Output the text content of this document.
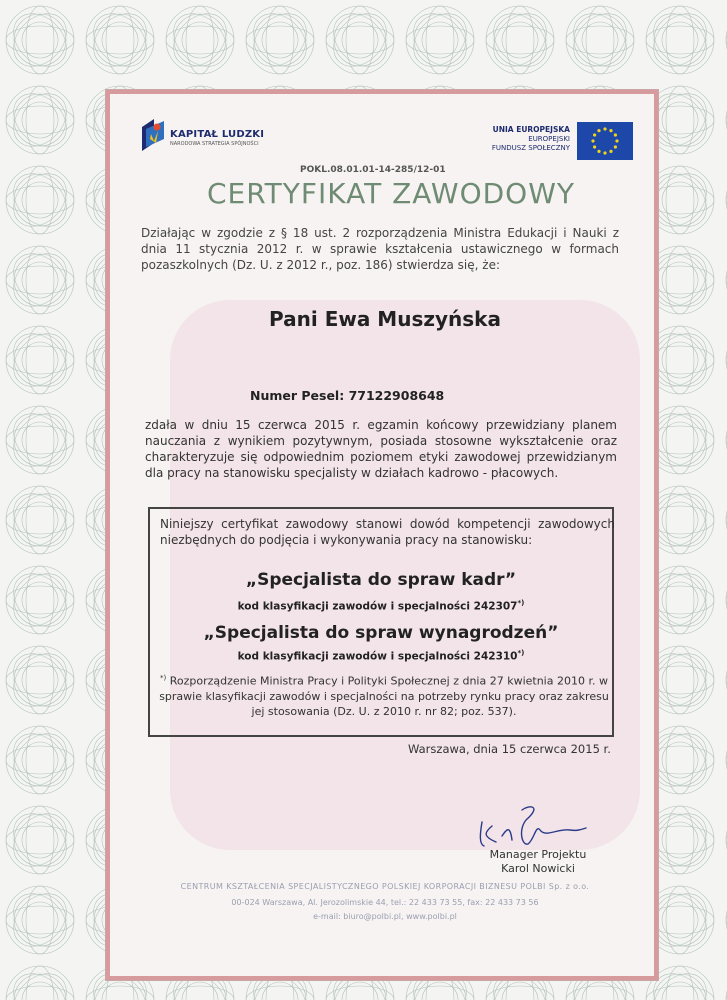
KAPITAŁ LUDZKI
NARODOWA STRATEGIA SPÓJNOŚCI
UNIA EUROPEJSKA
EUROPEJSKI
FUNDUSZ SPOŁECZNY
POKL.08.01.01-14-285/12-01
CERTYFIKAT ZAWODOWY
Działając w zgodzie z § 18 ust. 2 rozporządzenia Ministra Edukacji i Nauki z dnia 11 stycznia 2012 r. w sprawie kształcenia ustawicznego w formach pozaszkolnych (Dz. U. z 2012 r., poz. 186) stwierdza się, że:
Pani Ewa Muszyńska
Numer Pesel: 77122908648
zdała w dniu 15 czerwca 2015 r. egzamin końcowy przewidziany planem nauczania z wynikiem pozytywnym, posiada stosowne wykształcenie oraz charakteryzuje się odpowiednim poziomem etyki zawodowej przewidzianym dla pracy na stanowisku specjalisty w działach kadrowo - płacowych.
Niniejszy certyfikat zawodowy stanowi dowód kompetencji zawodowych niezbędnych do podjęcia i wykonywania pracy na stanowisku:
„Specjalista do spraw kadr”
kod klasyfikacji zawodów i specjalności 242307*)
„Specjalista do spraw wynagrodzeń”
kod klasyfikacji zawodów i specjalności 242310*)
*) Rozporządzenie Ministra Pracy i Polityki Społecznej z dnia 27 kwietnia 2010 r. w sprawie klasyfikacji zawodów i specjalności na potrzeby rynku pracy oraz zakresu jej stosowania (Dz. U. z 2010 r. nr 82; poz. 537).
Warszawa, dnia 15 czerwca 2015 r.
Manager Projektu
Karol Nowicki
CENTRUM KSZTAŁCENIA SPECJALISTYCZNEGO POLSKIEJ KORPORACJI BIZNESU POLBI Sp. z o.o.
00-024 Warszawa, Al. Jerozolimskie 44, tel.: 22 433 73 55, fax: 22 433 73 56
e-mail: biuro@polbi.pl, www.polbi.pl
